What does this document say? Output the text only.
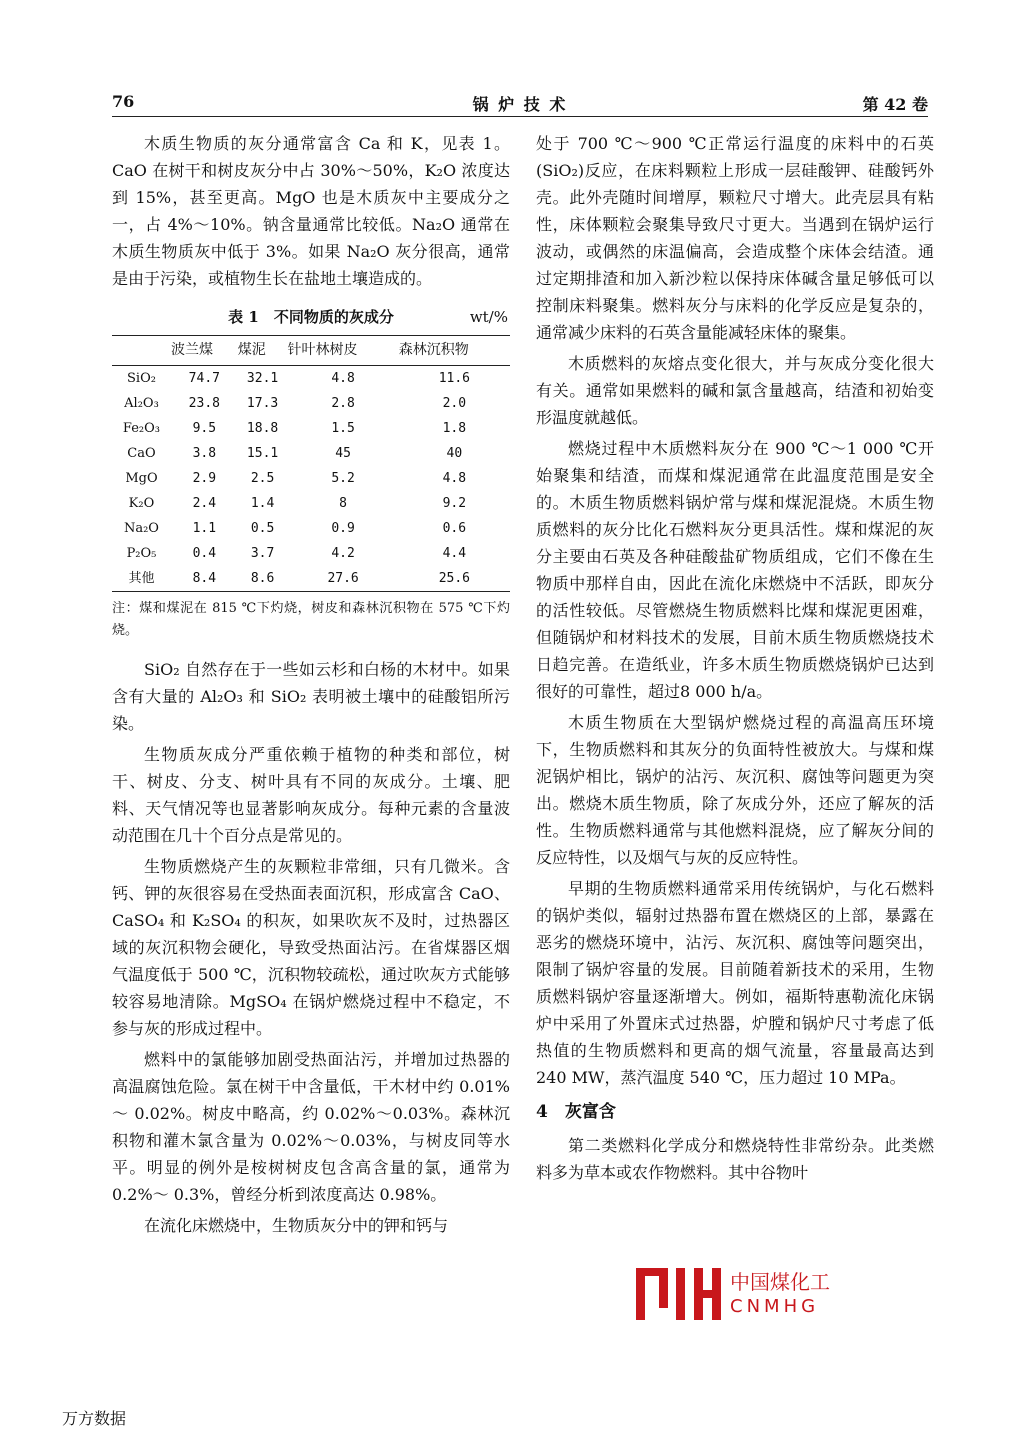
76	锅 炉 技 术	第 42 卷

木质生物质的灰分通常富含 Ca 和 K，见表 1。CaO 在树干和树皮灰分中占 30%～50%，K₂O 浓度达到 15%，甚至更高。MgO 也是木质灰中主要成分之一，占 4%～10%。钠含量通常比较低。Na₂O 通常在木质生物质灰中低于 3%。如果 Na₂O 灰分很高，通常是由于污染，或植物生长在盐地土壤造成的。

表 1　不同物质的灰成分	wt/%
	波兰煤	煤泥	针叶林树皮	森林沉积物
SiO₂	74.7	32.1	4.8	11.6
Al₂O₃	23.8	17.3	2.8	2.0
Fe₂O₃	9.5	18.8	1.5	1.8
CaO	3.8	15.1	45	40
MgO	2.9	2.5	5.2	4.8
K₂O	2.4	1.4	8	9.2
Na₂O	1.1	0.5	0.9	0.6
P₂O₅	0.4	3.7	4.2	4.4
其他	8.4	8.6	27.6	25.6
注：煤和煤泥在 815 ℃下灼烧，树皮和森林沉积物在 575 ℃下灼烧。

SiO₂ 自然存在于一些如云杉和白杨的木材中。如果含有大量的 Al₂O₃ 和 SiO₂ 表明被土壤中的硅酸铝所污染。

生物质灰成分严重依赖于植物的种类和部位，树干、树皮、分支、树叶具有不同的灰成分。土壤、肥料、天气情况等也显著影响灰成分。每种元素的含量波动范围在几十个百分点是常见的。

生物质燃烧产生的灰颗粒非常细，只有几微米。含钙、钾的灰很容易在受热面表面沉积，形成富含 CaO、CaSO₄ 和 K₂SO₄ 的积灰，如果吹灰不及时，过热器区域的灰沉积物会硬化，导致受热面沾污。在省煤器区烟气温度低于 500 ℃，沉积物较疏松，通过吹灰方式能够较容易地清除。MgSO₄ 在锅炉燃烧过程中不稳定，不参与灰的形成过程中。

燃料中的氯能够加剧受热面沾污，并增加过热器的高温腐蚀危险。氯在树干中含量低，干木材中约 0.01%～ 0.02%。树皮中略高，约 0.02%～0.03%。森林沉积物和灌木氯含量为 0.02%～0.03%，与树皮同等水平。明显的例外是桉树树皮包含高含量的氯，通常为 0.2%～ 0.3%，曾经分析到浓度高达 0.98%。

在流化床燃烧中，生物质灰分中的钾和钙与

处于 700 ℃～900 ℃正常运行温度的床料中的石英(SiO₂)反应，在床料颗粒上形成一层硅酸钾、硅酸钙外壳。此外壳随时间增厚，颗粒尺寸增大。此壳层具有粘性，床体颗粒会聚集导致尺寸更大。当遇到在锅炉运行波动，或偶然的床温偏高，会造成整个床体会结渣。通过定期排渣和加入新沙粒以保持床体碱含量足够低可以控制床料聚集。燃料灰分与床料的化学反应是复杂的，通常减少床料的石英含量能减轻床体的聚集。

木质燃料的灰熔点变化很大，并与灰成分变化很大有关。通常如果燃料的碱和氯含量越高，结渣和初始变形温度就越低。

燃烧过程中木质燃料灰分在 900 ℃～1 000 ℃开始聚集和结渣，而煤和煤泥通常在此温度范围是安全的。木质生物质燃料锅炉常与煤和煤泥混烧。木质生物质燃料的灰分比化石燃料灰分更具活性。煤和煤泥的灰分主要由石英及各种硅酸盐矿物质组成，它们不像在生物质中那样自由，因此在流化床燃烧中不活跃，即灰分的活性较低。尽管燃烧生物质燃料比煤和煤泥更困难，但随锅炉和材料技术的发展，目前木质生物质燃烧技术日趋完善。在造纸业，许多木质生物质燃烧锅炉已达到很好的可靠性，超过8 000 h/a。

木质生物质在大型锅炉燃烧过程的高温高压环境下，生物质燃料和其灰分的负面特性被放大。与煤和煤泥锅炉相比，锅炉的沾污、灰沉积、腐蚀等问题更为突出。燃烧木质生物质，除了灰成分外，还应了解灰的活性。生物质燃料通常与其他燃料混烧，应了解灰分间的反应特性，以及烟气与灰的反应特性。

早期的生物质燃料通常采用传统锅炉，与化石燃料的锅炉类似，辐射过热器布置在燃烧区的上部，暴露在恶劣的燃烧环境中，沾污、灰沉积、腐蚀等问题突出，限制了锅炉容量的发展。目前随着新技术的采用，生物质燃料锅炉容量逐渐增大。例如，福斯特惠勒流化床锅炉中采用了外置床式过热器，炉膛和锅炉尺寸考虑了低热值的生物质燃料和更高的烟气流量，容量最高达到 240 MW，蒸汽温度 540 ℃，压力超过 10 MPa。

4　灰富含

第二类燃料化学成分和燃烧特性非常纷杂。此类燃料多为草本或农作物燃料。其中谷物叶

中国煤化工
CNMHG
万方数据
